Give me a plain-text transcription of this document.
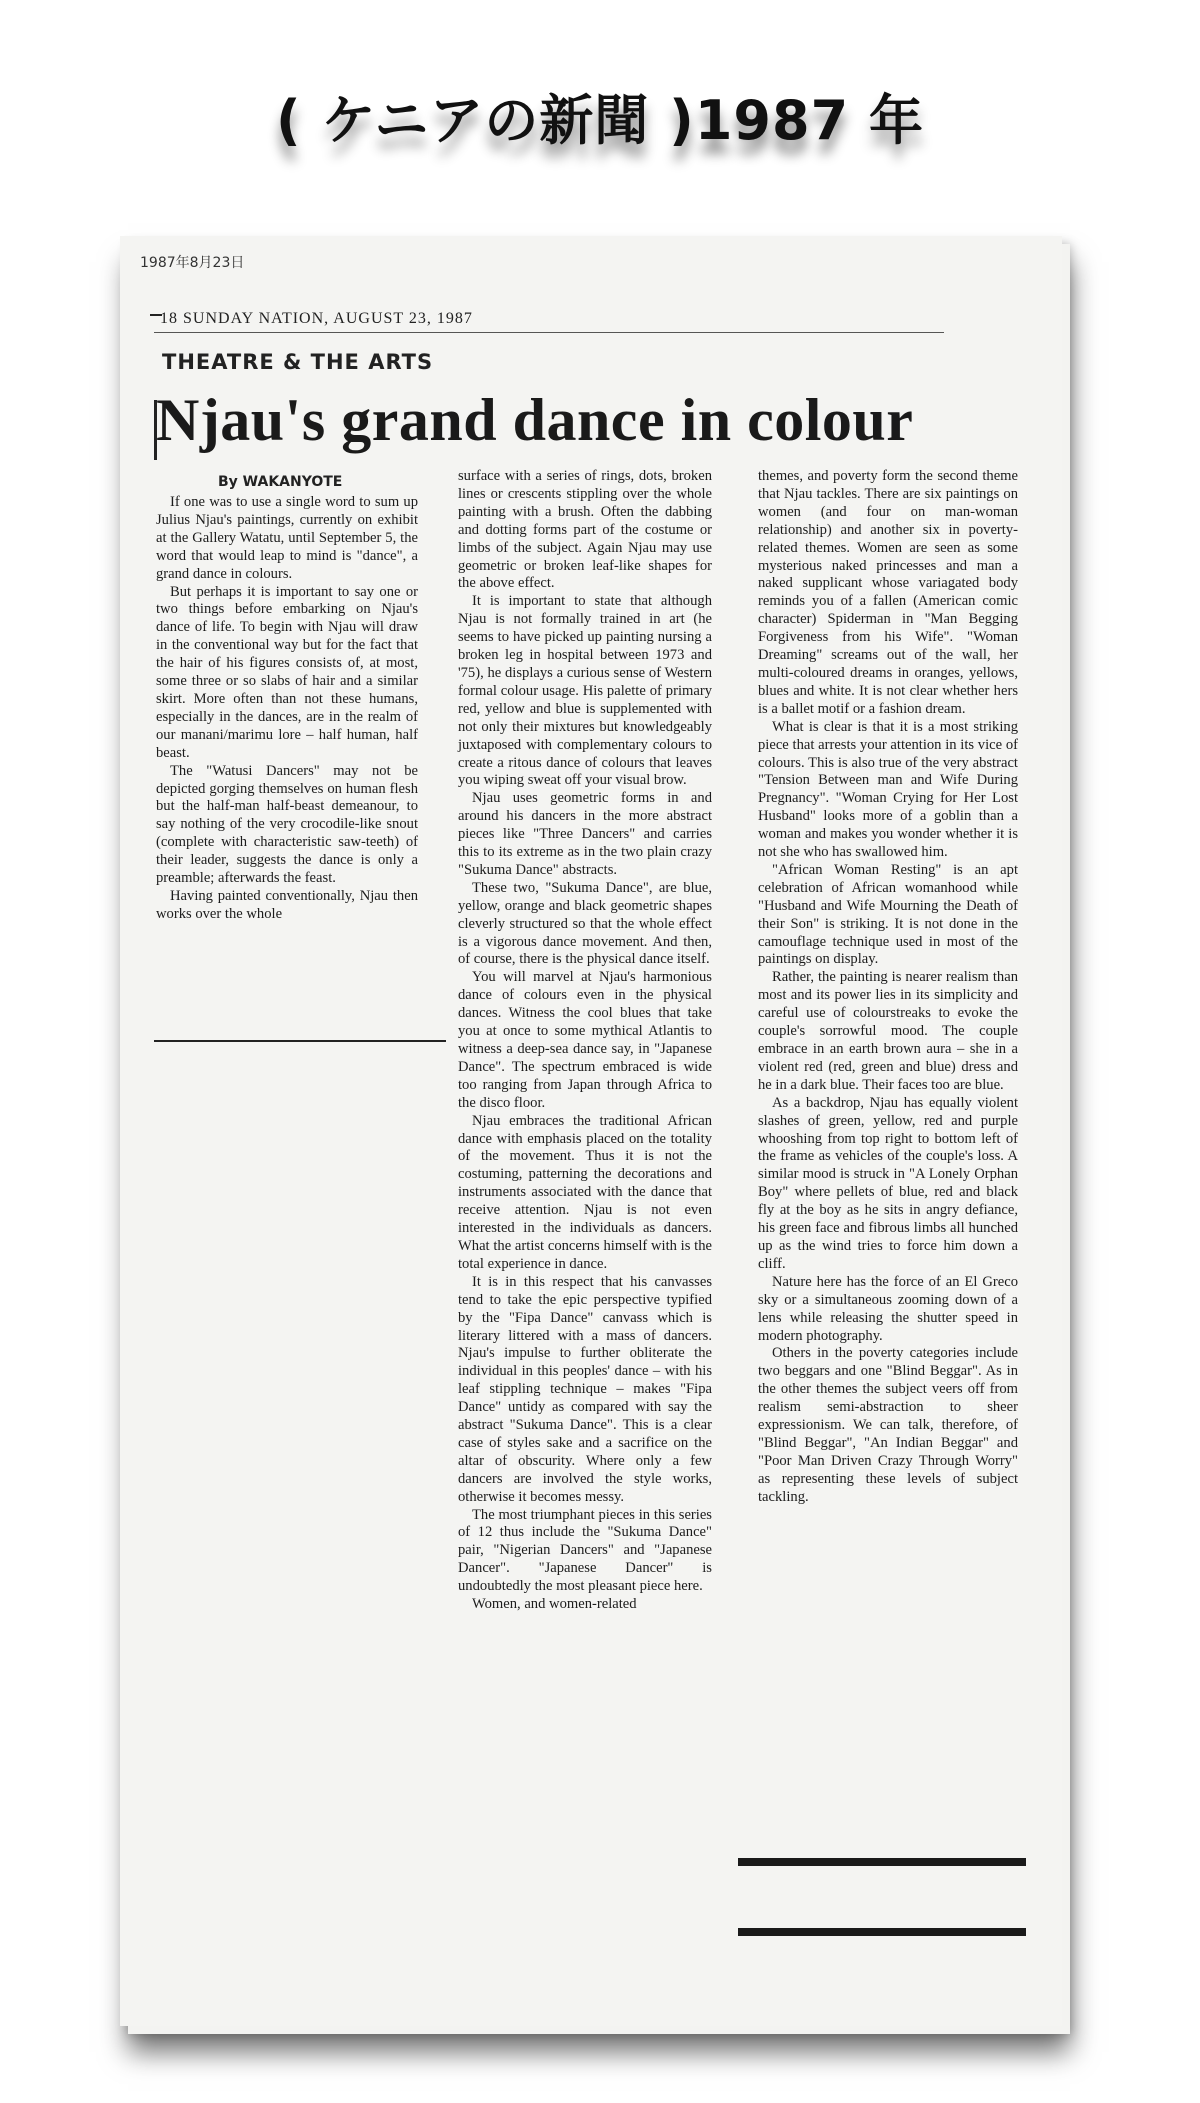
( ケニアの新聞 )1987 年
1987年8月23日
18 SUNDAY NATION, AUGUST 23, 1987
THEATRE & THE ARTS
Njau's grand dance in colour
By WAKANYOTE

If one was to use a single word to sum up Julius Njau's paintings, currently on exhibit at the Gallery Watatu, until September 5, the word that would leap to mind is "dance", a grand dance in colours.

But perhaps it is important to say one or two things before embarking on Njau's dance of life. To begin with Njau will draw in the conventional way but for the fact that the hair of his figures consists of, at most, some three or so slabs of hair and a similar skirt. More often than not these humans, especially in the dances, are in the realm of our manani/marimu lore – half human, half beast.

The "Watusi Dancers" may not be depicted gorging themselves on human flesh but the half-man half-beast demeanour, to say nothing of the very crocodile-like snout (complete with characteristic saw-teeth) of their leader, suggests the dance is only a preamble; afterwards the feast.

Having painted conventionally, Njau then works over the whole

surface with a series of rings, dots, broken lines or crescents stippling over the whole painting with a brush. Often the dabbing and dotting forms part of the costume or limbs of the subject. Again Njau may use geometric or broken leaf-like shapes for the above effect.

It is important to state that although Njau is not formally trained in art (he seems to have picked up painting nursing a broken leg in hospital between 1973 and '75), he displays a curious sense of Western formal colour usage. His palette of primary red, yellow and blue is supplemented with not only their mixtures but knowledgeably juxtaposed with complementary colours to create a ritous dance of colours that leaves you wiping sweat off your visual brow.

Njau uses geometric forms in and around his dancers in the more abstract pieces like "Three Dancers" and carries this to its extreme as in the two plain crazy "Sukuma Dance" abstracts.

These two, "Sukuma Dance", are blue, yellow, orange and black geometric shapes cleverly structured so that the whole effect is a vigorous dance movement. And then, of course, there is the physical dance itself.

You will marvel at Njau's harmonious dance of colours even in the physical dances. Witness the cool blues that take you at once to some mythical Atlantis to witness a deep-sea dance say, in "Japanese Dance". The spectrum embraced is wide too ranging from Japan through Africa to the disco floor.

Njau embraces the traditional African dance with emphasis placed on the totality of the movement. Thus it is not the costuming, patterning the decorations and instruments associated with the dance that receive attention. Njau is not even interested in the individuals as dancers. What the artist concerns himself with is the total experience in dance.

It is in this respect that his canvasses tend to take the epic perspective typified by the "Fipa Dance" canvass which is literary littered with a mass of dancers. Njau's impulse to further obliterate the individual in this peoples' dance – with his leaf stippling technique – makes "Fipa Dance" untidy as compared with say the abstract "Sukuma Dance". This is a clear case of styles sake and a sacrifice on the altar of obscurity. Where only a few dancers are involved the style works, otherwise it becomes messy.

The most triumphant pieces in this series of 12 thus include the "Sukuma Dance" pair, "Nigerian Dancers" and "Japanese Dancer". "Japanese Dancer" is undoubtedly the most pleasant piece here.

Women, and women-related

themes, and poverty form the second theme that Njau tackles. There are six paintings on women (and four on man-woman relationship) and another six in poverty-related themes. Women are seen as some mysterious naked princesses and man a naked supplicant whose variagated body reminds you of a fallen (American comic character) Spiderman in "Man Begging Forgiveness from his Wife". "Woman Dreaming" screams out of the wall, her multi-coloured dreams in oranges, yellows, blues and white. It is not clear whether hers is a ballet motif or a fashion dream.

What is clear is that it is a most striking piece that arrests your attention in its vice of colours. This is also true of the very abstract "Tension Between man and Wife During Pregnancy". "Woman Crying for Her Lost Husband" looks more of a goblin than a woman and makes you wonder whether it is not she who has swallowed him.

"African Woman Resting" is an apt celebration of African womanhood while "Husband and Wife Mourning the Death of their Son" is striking. It is not done in the camouflage technique used in most of the paintings on display.

Rather, the painting is nearer realism than most and its power lies in its simplicity and careful use of colourstreaks to evoke the couple's sorrowful mood. The couple embrace in an earth brown aura – she in a violent red (red, green and blue) dress and he in a dark blue. Their faces too are blue.

As a backdrop, Njau has equally violent slashes of green, yellow, red and purple whooshing from top right to bottom left of the frame as vehicles of the couple's loss. A similar mood is struck in "A Lonely Orphan Boy" where pellets of blue, red and black fly at the boy as he sits in angry defiance, his green face and fibrous limbs all hunched up as the wind tries to force him down a cliff.

Nature here has the force of an El Greco sky or a simultaneous zooming down of a lens while releasing the shutter speed in modern photography.

Others in the poverty categories include two beggars and one "Blind Beggar". As in the other themes the subject veers off from realism semi-abstraction to sheer expressionism. We can talk, therefore, of "Blind Beggar", "An Indian Beggar" and "Poor Man Driven Crazy Through Worry" as representing these levels of subject tackling.
